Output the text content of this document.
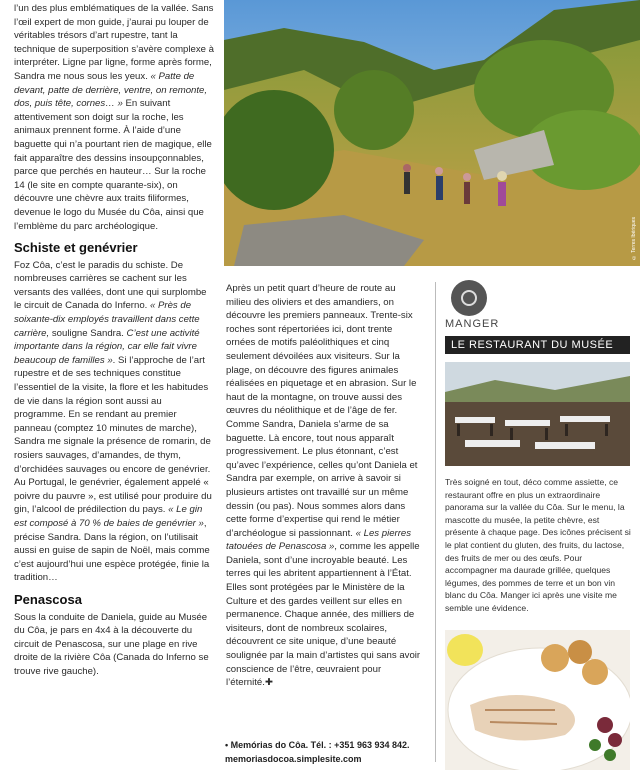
© Terres Ibériques

l’un des plus emblématiques de la vallée. Sans l’œil expert de mon guide, j’aurai pu louper de véritables trésors d’art rupestre, tant la technique de superposition s’avère complexe à interpréter. Ligne par ligne, forme après forme, Sandra me nous sous les yeux. « Patte de devant, patte de derrière, ventre, on remonte, dos, puis tête, cornes… » En suivant attentivement son doigt sur la roche, les animaux prennent forme. À l’aide d’une baguette qui n’a pourtant rien de magique, elle fait apparaître des dessins insoupçonnables, parce que perchés en hauteur… Sur la roche 14 (le site en compte quarante-six), on découvre une chèvre aux traits filiformes, devenue le logo du Musée du Côa, ainsi que l’emblème du parc archéologique.

Schiste et genévrier

Foz Côa, c’est le paradis du schiste. De nombreuses carrières se cachent sur les versants des vallées, dont une qui surplombe le circuit de Canada do Inferno. « Près de soixante-dix employés travaillent dans cette carrière, souligne Sandra. C’est une activité importante dans la région, car elle fait vivre beaucoup de familles ». Si l’approche de l’art rupestre et de ses techniques constitue l’essentiel de la visite, la flore et les habitudes de vie dans la région sont aussi au programme. En se rendant au premier panneau (comptez 10 minutes de marche), Sandra me signale la présence de romarin, de rosiers sauvages, d’amandes, de thym, d’orchidées sauvages ou encore de genévrier. Au Portugal, le genévrier, également appelé « poivre du pauvre », est utilisé pour produire du gin, l’alcool de prédilection du pays. « Le gin est composé à 70 % de baies de genévrier », précise Sandra. Dans la région, on l’utilisait aussi en guise de sapin de Noël, mais comme c’est aujourd’hui une espèce protégée, finie la tradition…

Penascosa

Sous la conduite de Daniela, guide au Musée du Côa, je pars en 4x4 à la découverte du circuit de Penascosa, sur une plage en rive droite de la rivière Côa (Canada do Inferno se trouve rive gauche).

Après un petit quart d’heure de route au milieu des oliviers et des amandiers, on découvre les premiers panneaux. Trente-six roches sont répertoriées ici, dont trente ornées de motifs paléolithiques et cinq seulement dévoilées aux visiteurs. Sur la plage, on découvre des figures animales réalisées en piquetage et en abrasion. Sur le haut de la montagne, on trouve aussi des œuvres du néolithique et de l’âge de fer. Comme Sandra, Daniela s’arme de sa baguette. Là encore, tout nous apparaît progressivement. Le plus étonnant, c’est qu’avec l’expérience, celles qu’ont Daniela et Sandra par exemple, on arrive à savoir si plusieurs artistes ont travaillé sur un même dessin (ou pas). Nous sommes alors dans cette forme d’expertise qui rend le métier d’archéologue si passionnant. « Les pierres tatouées de Penascosa », comme les appelle Daniela, sont d’une incroyable beauté. Les terres qui les abritent appartiennent à l’État. Elles sont protégées par le Ministère de la Culture et des gardes veillent sur elles en permanence. Chaque année, des milliers de visiteurs, dont de nombreux scolaires, découvrent ce site unique, d’une beauté soulignée par la main d’artistes qui sans avoir conscience de l’être, œuvraient pour l’éternité.✚

• Memórias do Côa. Tél. : +351 963 934 842.
memoriasdocoa.simplesite.com
MANGER
LE RESTAURANT DU MUSÉE
Très soigné en tout, déco comme assiette, ce restaurant offre en plus un extraordinaire panorama sur la vallée du Côa. Sur le menu, la mascotte du musée, la petite chèvre, est présente à chaque page. Des icônes précisent si le plat contient du gluten, des fruits, du lactose, des fruits de mer ou des œufs. Pour accompagner ma daurade grillée, quelques légumes, des pommes de terre et un bon vin blanc du Côa. Manger ici après une visite me semble une évidence.
